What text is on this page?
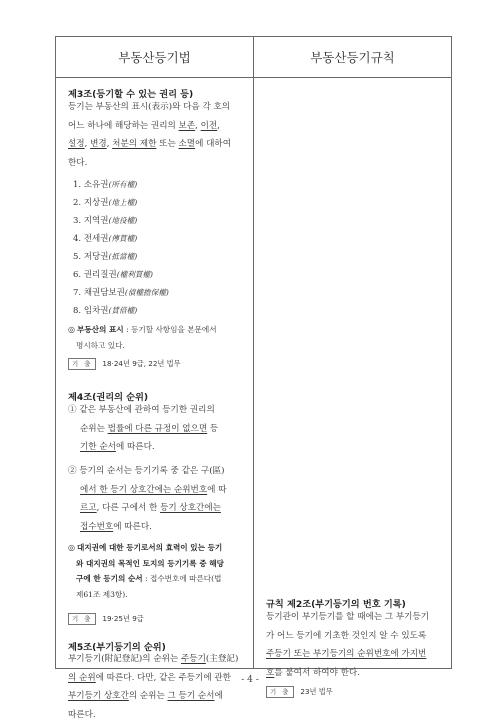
부동산등기법	부동산등기규칙
제3조(등기할 수 있는 권리 등)
등기는 부동산의 표시(表示)와 다음 각 호의
어느 하나에 해당하는 권리의 보존, 이전,
설정, 변경, 처분의 제한 또는 소멸에 대하여
한다.
1. 소유권(所有權)
2. 지상권(地上權)
3. 지역권(地役權)
4. 전세권(傳貰權)
5. 저당권(抵當權)
6. 권리질권(權利質權)
7. 채권담보권(債權擔保權)
8. 임차권(賃借權)
◎ 부동산의 표시 : 등기할 사항임을 본문에서
명시하고 있다.
기 출	18·24년 9급, 22년 법무
제4조(권리의 순위)
① 같은 부동산에 관하여 등기한 권리의
순위는 법률에 다른 규정이 없으면 등
기한 순서에 따른다.
② 등기의 순서는 등기기록 중 같은 구(區)
에서 한 등기 상호간에는 순위번호에 따
르고, 다른 구에서 한 등기 상호간에는
접수번호에 따른다.
◎ 대지권에 대한 등기로서의 효력이 있는 등기
와 대지권의 목적인 토지의 등기기록 중 해당
구에 한 등기의 순서 : 접수번호에 따른다(법
제61조 제3항).
기 출	19·25년 9급
제5조(부기등기의 순위)
부기등기(附記登記)의 순위는 주등기(主登記)
의 순위에 따른다. 다만, 같은 주등기에 관한
부기등기 상호간의 순위는 그 등기 순서에
따른다.
규칙 제2조(부기등기의 번호 기록)
등기관이 부기등기를 할 때에는 그 부기등기
가 어느 등기에 기초한 것인지 알 수 있도록
주등기 또는 부기등기의 순위번호에 가지번
호를 붙여서 하여야 한다.
기 출	23년 법무
- 4 -
